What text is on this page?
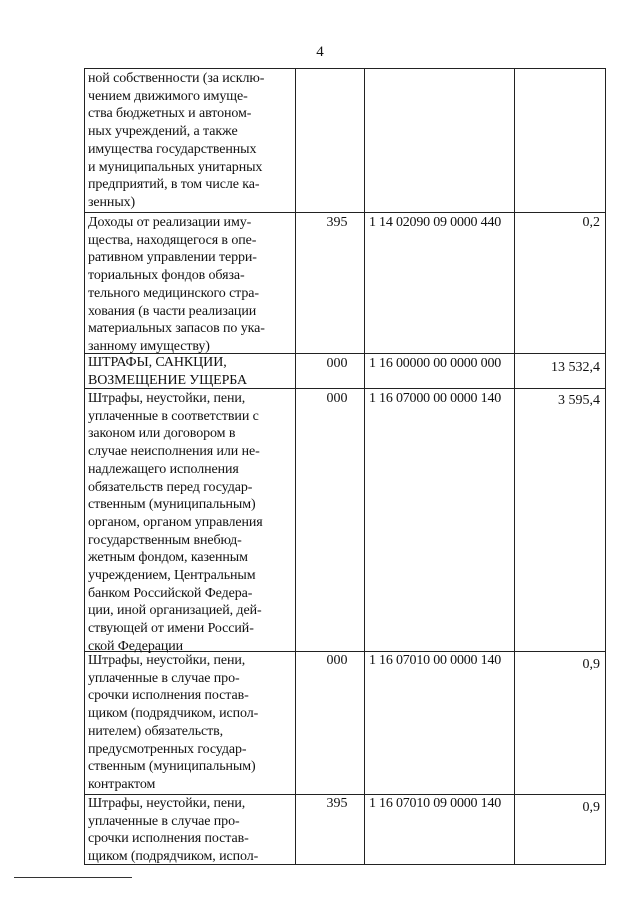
4
ной собственности (за исклю-
чением движимого имуще-
ства бюджетных и автоном-
ных учреждений, а также
имущества государственных
и муниципальных унитарных
предприятий, в том числе ка-
зенных)
Доходы от реализации иму-
щества, находящегося в опе-
ративном управлении терри-
ториальных фондов обяза-
тельного медицинского стра-
хования (в части реализации
материальных запасов по ука-
занному имуществу)
395	1 14 02090 09 0000 440	0,2
ШТРАФЫ, САНКЦИИ,
ВОЗМЕЩЕНИЕ УЩЕРБА
000	1 16 00000 00 0000 000	13 532,4
Штрафы, неустойки, пени,
уплаченные в соответствии с
законом или договором в
случае неисполнения или не-
надлежащего исполнения
обязательств перед государ-
ственным (муниципальным)
органом, органом управления
государственным внебюд-
жетным фондом, казенным
учреждением, Центральным
банком Российской Федера-
ции, иной организацией, дей-
ствующей от имени Россий-
ской Федерации
000	1 16 07000 00 0000 140	3 595,4
Штрафы, неустойки, пени,
уплаченные в случае про-
срочки исполнения постав-
щиком (подрядчиком, испол-
нителем) обязательств,
предусмотренных государ-
ственным (муниципальным)
контрактом
000	1 16 07010 00 0000 140	0,9
Штрафы, неустойки, пени,
уплаченные в случае про-
срочки исполнения постав-
щиком (подрядчиком, испол-
395	1 16 07010 09 0000 140	0,9
